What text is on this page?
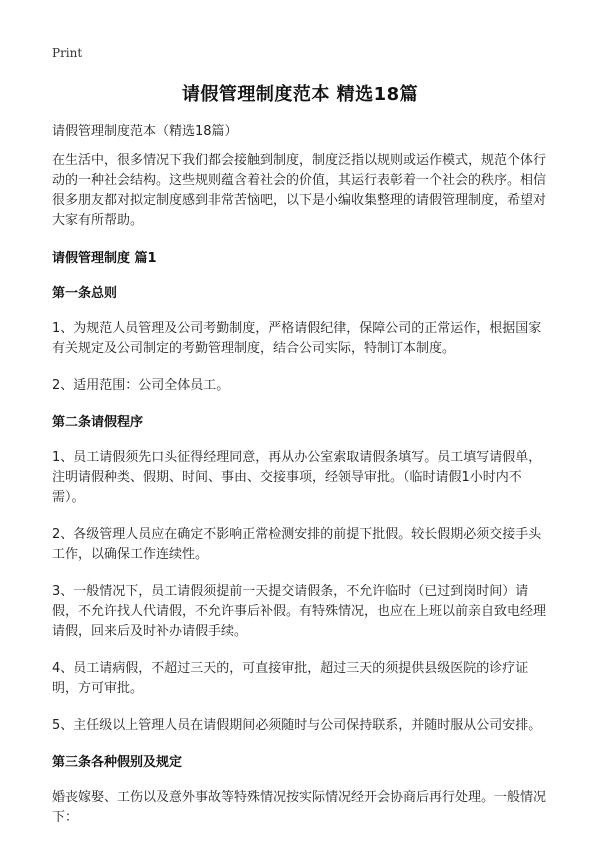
Print
请假管理制度范本 精选18篇

请假管理制度范本（精选18篇）

在生活中，很多情况下我们都会接触到制度，制度泛指以规则或运作模式，规范个体行动的一种社会结构。这些规则蕴含着社会的价值，其运行表彰着一个社会的秩序。相信很多朋友都对拟定制度感到非常苦恼吧，以下是小编收集整理的请假管理制度，希望对大家有所帮助。

请假管理制度 篇1
第一条总则

1、为规范人员管理及公司考勤制度，严格请假纪律，保障公司的正常运作，根据国家有关规定及公司制定的考勤管理制度，结合公司实际，特制订本制度。

2、适用范围：公司全体员工。

第二条请假程序

1、员工请假须先口头征得经理同意，再从办公室索取请假条填写。员工填写请假单，注明请假种类、假期、时间、事由、交接事项，经领导审批。（临时请假1小时内不需）。

2、各级管理人员应在确定不影响正常检测安排的前提下批假。较长假期必须交接手头工作，以确保工作连续性。

3、一般情况下，员工请假须提前一天提交请假条，不允许临时（已过到岗时间）请假，不允许找人代请假，不允许事后补假。有特殊情况，也应在上班以前亲自致电经理请假，回来后及时补办请假手续。

4、员工请病假，不超过三天的，可直接审批，超过三天的须提供县级医院的诊疗证明，方可审批。

5、主任级以上管理人员在请假期间必须随时与公司保持联系，并随时服从公司安排。

第三条各种假别及规定

婚丧嫁娶、工伤以及意外事故等特殊情况按实际情况经开会协商后再行处理。一般情况下：
